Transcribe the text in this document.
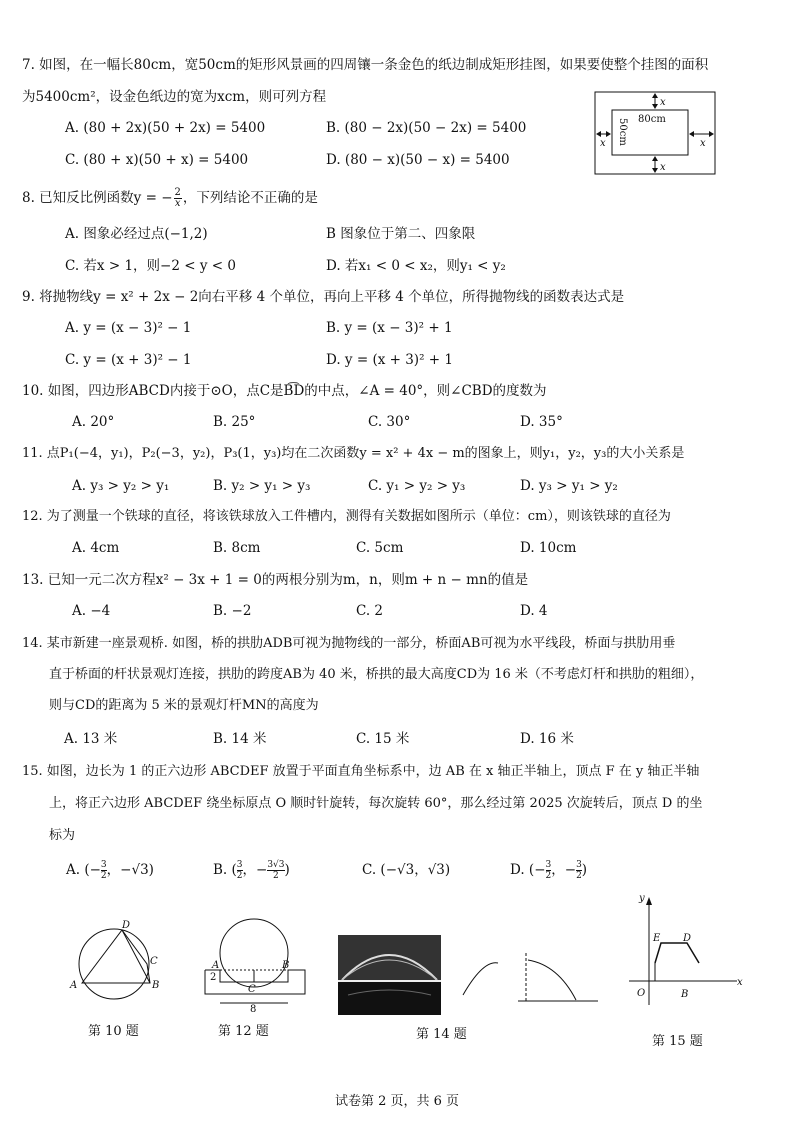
7. 如图，在一幅长80cm，宽50cm的矩形风景画的四周镶一条金色的纸边制成矩形挂图，如果要使整个挂图的面积
为5400cm²，设金色纸边的宽为xcm，则可列方程
A. (80 + 2x)(50 + 2x) = 5400	B. (80 − 2x)(50 − 2x) = 5400
C. (80 + x)(50 + x) = 5400	D. (80 − x)(50 − x) = 5400
80cm
50cm
x
x
x	x
8. 已知反比例函数y = − $\frac{2}{x}$ ，下列结论不正确的是
A. 图象必经过点(−1,2)	B 图象位于第二、四象限
C. 若x > 1，则−2 < y < 0	D. 若x₁ < 0 < x₂，则y₁ < y₂
9. 将抛物线y = x² + 2x − 2向右平移 4 个单位，再向上平移 4 个单位，所得抛物线的函数表达式是
A. y = (x − 3)² − 1	B. y = (x − 3)² + 1
C. y = (x + 3)² − 1	D. y = (x + 3)² + 1
10. 如图，四边形ABCD内接于⊙O，点C是B͡D的中点，∠A = 40°，则∠CBD的度数为
A. 20°	B. 25°	C. 30°	D. 35°
11. 点P₁(−4，y₁)，P₂(−3，y₂)，P₃(1，y₃)均在二次函数y = x² + 4x − m的图象上，则y₁，y₂，y₃的大小关系是
A. y₃ > y₂ > y₁	B. y₂ > y₁ > y₃	C. y₁ > y₂ > y₃	D. y₃ > y₁ > y₂
12. 为了测量一个铁球的直径，将该铁球放入工件槽内，测得有关数据如图所示（单位：cm），则该铁球的直径为
A. 4cm	B. 8cm	C. 5cm	D. 10cm
13. 已知一元二次方程x² − 3x + 1 = 0的两根分别为m，n，则m + n − mn的值是
A. −4	B. −2	C. 2	D. 4
14. 某市新建一座景观桥. 如图，桥的拱肋ADB可视为抛物线的一部分，桥面AB可视为水平线段，桥面与拱肋用垂
直于桥面的杆状景观灯连接，拱肋的跨度AB为 40 米，桥拱的最大高度CD为 16 米（不考虑灯杆和拱肋的粗细），
则与CD的距离为 5 米的景观灯杆MN的高度为
A. 13 米	B. 14 米	C. 15 米	D. 16 米
15. 如图，边长为 1 的正六边形 ABCDEF 放置于平面直角坐标系中，边 AB 在 x 轴正半轴上，顶点 F 在 y 轴正半轴
上，将正六边形 ABCDEF 绕坐标原点 O 顺时针旋转，每次旋转 60°，那么经过第 2025 次旋转后，顶点 D 的坐
标为
A. (− $\frac{3}{2}$ ，−√3)	B. ( $\frac{3}{2}$ ，− $\frac{3√3}{2}$ )	C. (−√3，√3)	D. (− $\frac{3}{2}$ ，− $\frac{3}{2}$ )
A	B
C
D
第 10 题
A	B
C
2
8
第 12 题	第 14 题
y
x
O
E D
B
第 15 题
试卷第 2 页，共 6 页
